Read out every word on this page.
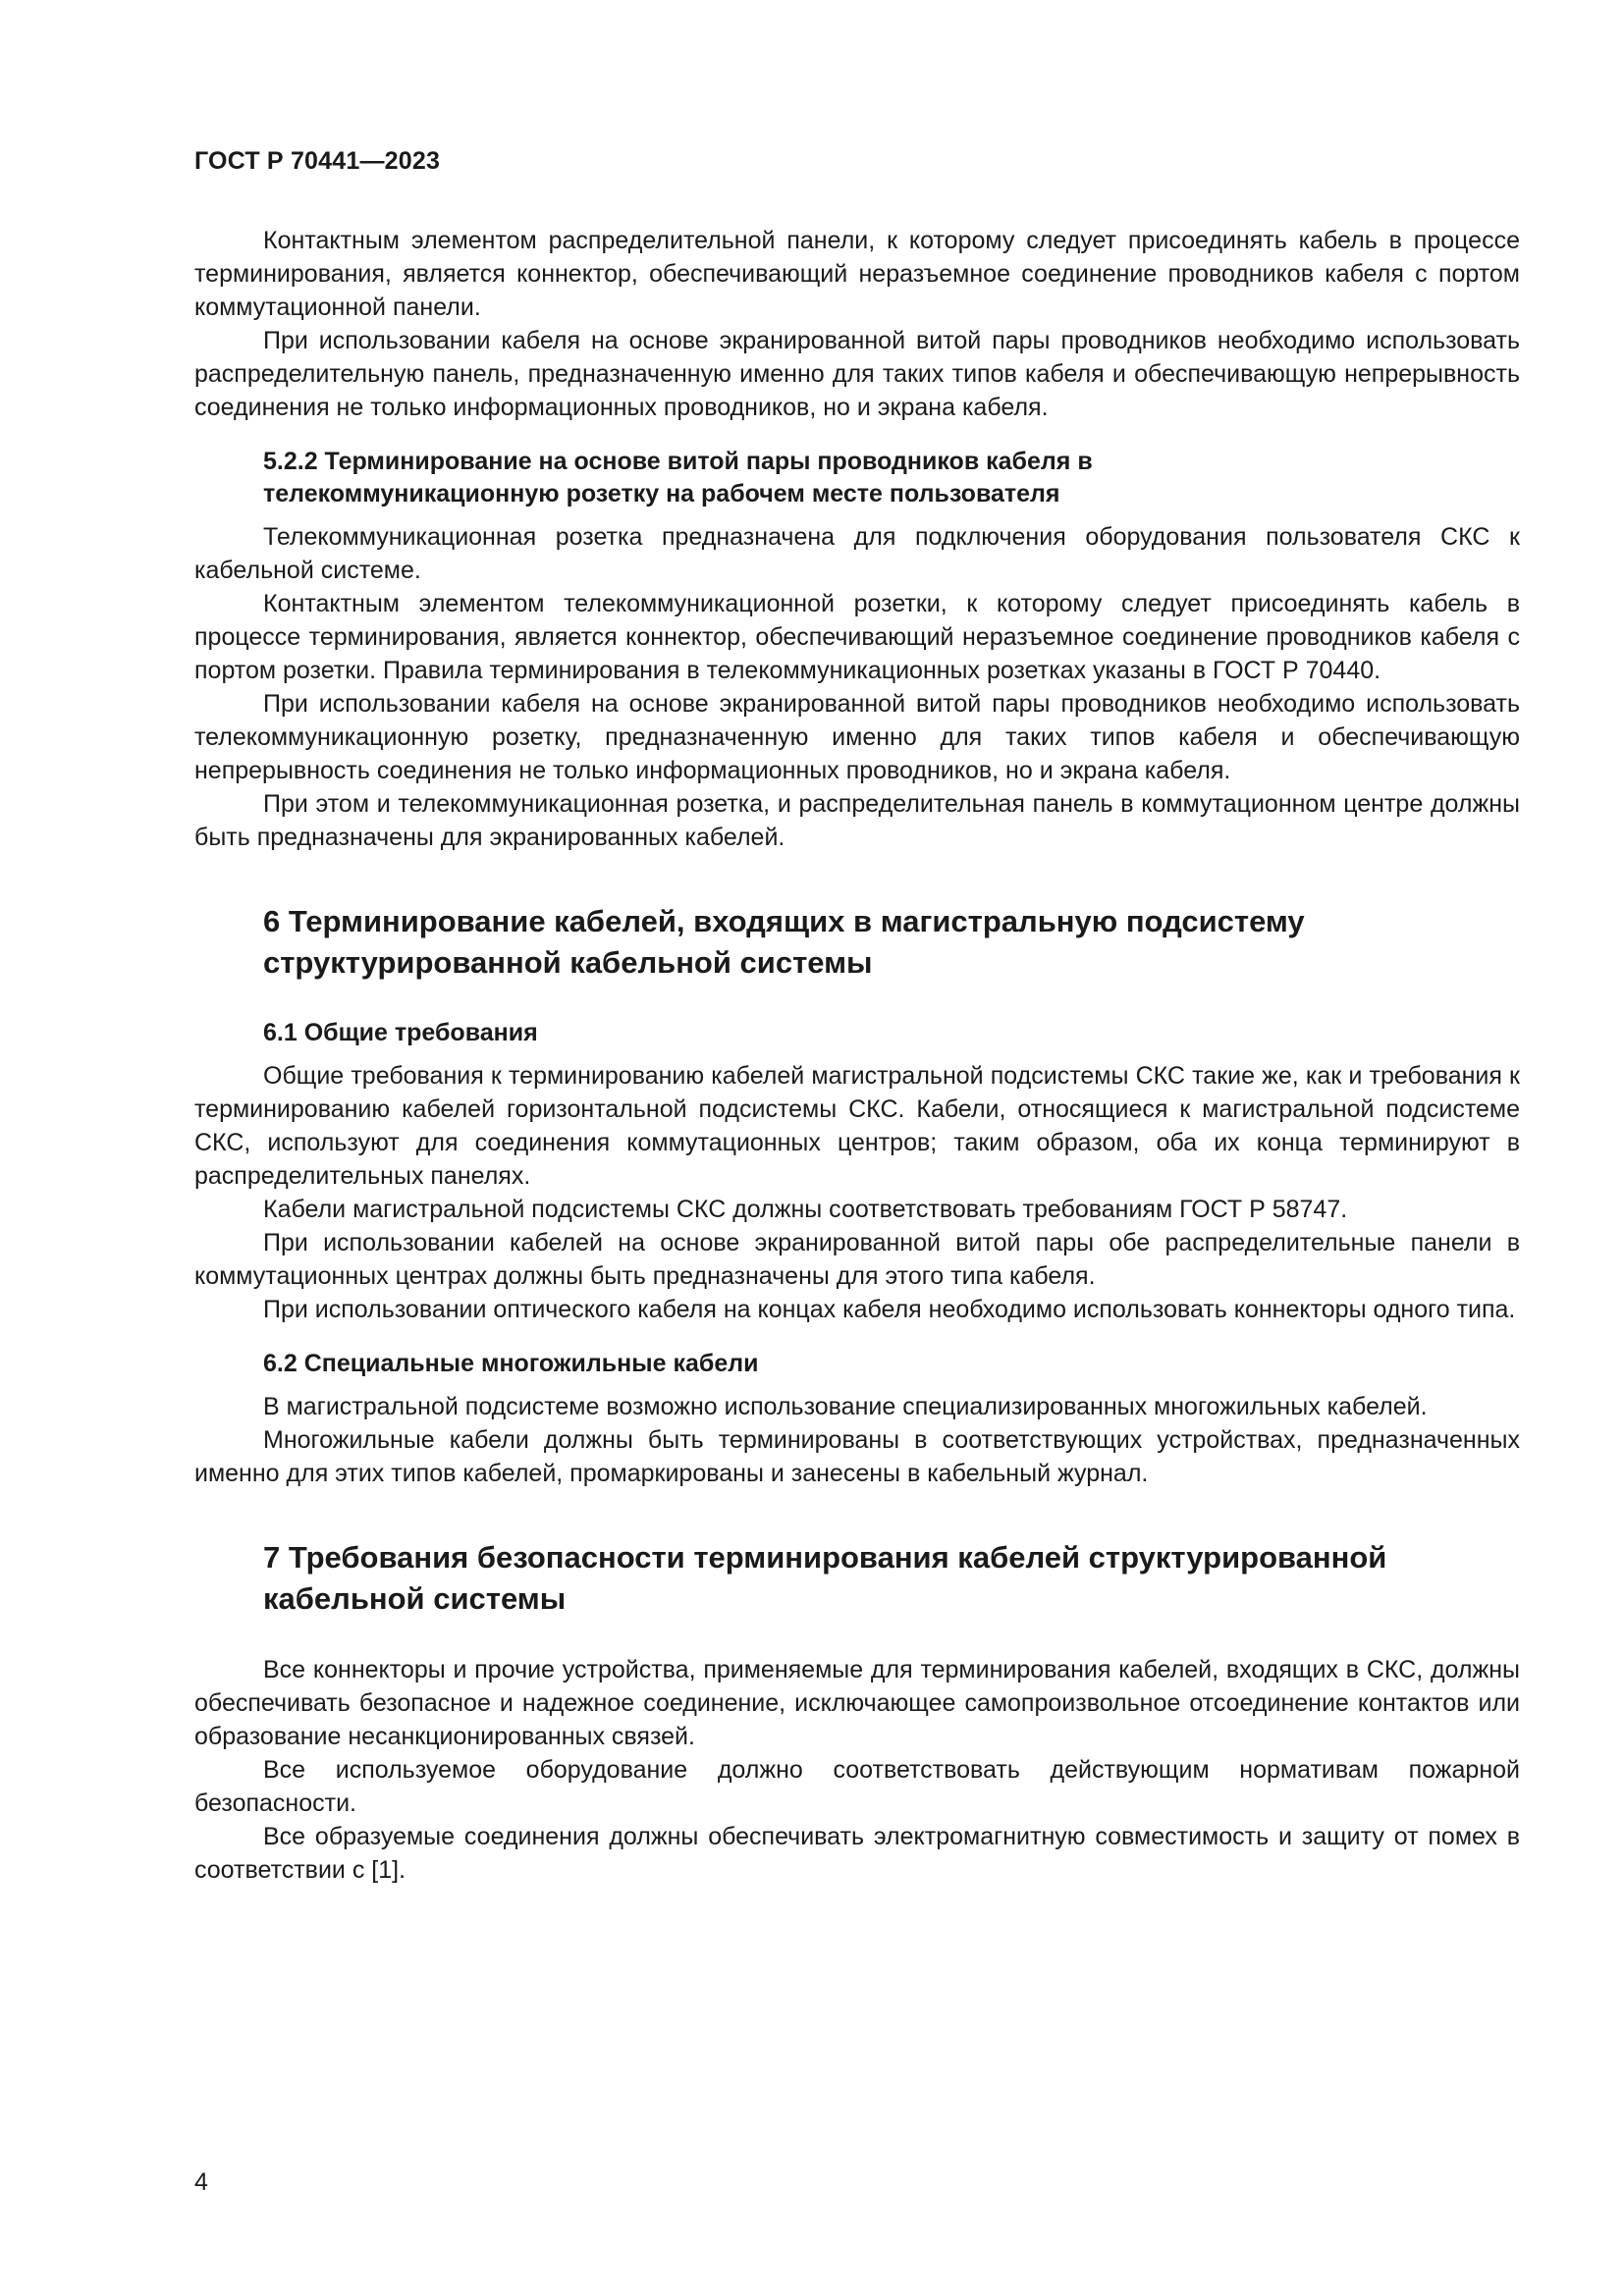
ГОСТ Р 70441—2023

Контактным элементом распределительной панели, к которому следует присоединять кабель в процессе терминирования, является коннектор, обеспечивающий неразъемное соединение проводников кабеля с портом коммутационной панели.

При использовании кабеля на основе экранированной витой пары проводников необходимо использовать распределительную панель, предназначенную именно для таких типов кабеля и обеспечивающую непрерывность соединения не только информационных проводников, но и экрана кабеля.

5.2.2 Терминирование на основе витой пары проводников кабеля в
телекоммуникационную розетку на рабочем месте пользователя

Телекоммуникационная розетка предназначена для подключения оборудования пользователя СКС к кабельной системе.

Контактным элементом телекоммуникационной розетки, к которому следует присоединять кабель в процессе терминирования, является коннектор, обеспечивающий неразъемное соединение проводников кабеля с портом розетки. Правила терминирования в телекоммуникационных розетках указаны в ГОСТ Р 70440.

При использовании кабеля на основе экранированной витой пары проводников необходимо использовать телекоммуникационную розетку, предназначенную именно для таких типов кабеля и обеспечивающую непрерывность соединения не только информационных проводников, но и экрана кабеля.

При этом и телекоммуникационная розетка, и распределительная панель в коммутационном центре должны быть предназначены для экранированных кабелей.

6 Терминирование кабелей, входящих в магистральную подсистему
структурированной кабельной системы
6.1 Общие требования

Общие требования к терминированию кабелей магистральной подсистемы СКС такие же, как и требования к терминированию кабелей горизонтальной подсистемы СКС. Кабели, относящиеся к магистральной подсистеме СКС, используют для соединения коммутационных центров; таким образом, оба их конца терминируют в распределительных панелях.

Кабели магистральной подсистемы СКС должны соответствовать требованиям ГОСТ Р 58747.

При использовании кабелей на основе экранированной витой пары обе распределительные панели в коммутационных центрах должны быть предназначены для этого типа кабеля.

При использовании оптического кабеля на концах кабеля необходимо использовать коннекторы одного типа.

6.2 Специальные многожильные кабели

В магистральной подсистеме возможно использование специализированных многожильных кабелей.

Многожильные кабели должны быть терминированы в соответствующих устройствах, предназначенных именно для этих типов кабелей, промаркированы и занесены в кабельный журнал.

7 Требования безопасности терминирования кабелей структурированной
кабельной системы

Все коннекторы и прочие устройства, применяемые для терминирования кабелей, входящих в СКС, должны обеспечивать безопасное и надежное соединение, исключающее самопроизвольное отсоединение контактов или образование несанкционированных связей.

Все используемое оборудование должно соответствовать действующим нормативам пожарной безопасности.

Все образуемые соединения должны обеспечивать электромагнитную совместимость и защиту от помех в соответствии с [1].

4
